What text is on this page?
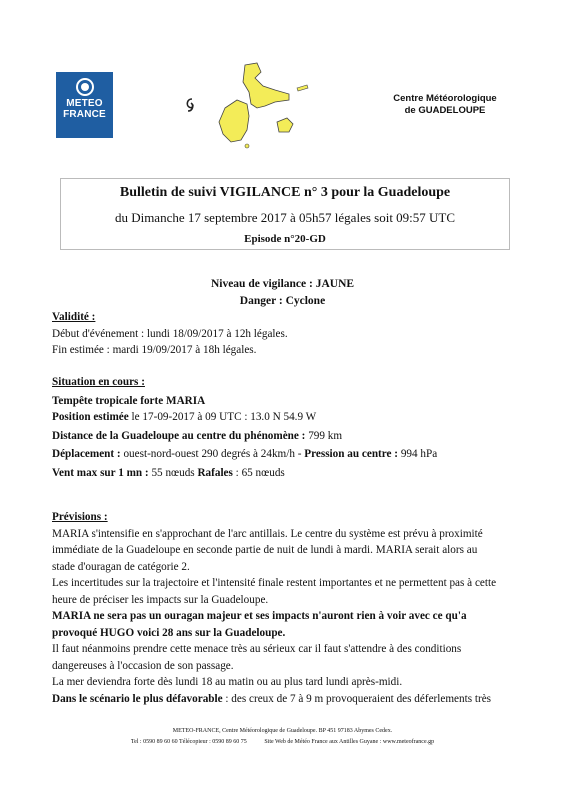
METEO
FRANCE
Centre Météorologique
de GUADELOUPE
Bulletin de suivi VIGILANCE n° 3 pour la Guadeloupe
du Dimanche 17 septembre 2017 à 05h57 légales soit 09:57 UTC
Episode n°20-GD
Niveau de vigilance : JAUNE
Danger : Cyclone
Validité :
Début d'événement : lundi 18/09/2017 à 12h légales.
Fin estimée : mardi 19/09/2017 à 18h légales.
Situation en cours :
Tempête tropicale forte MARIA
Position estimée le 17-09-2017 à 09 UTC : 13.0 N 54.9 W
Distance de la Guadeloupe au centre du phénomène : 799 km
Déplacement : ouest-nord-ouest 290 degrés à 24km/h - Pression au centre : 994 hPa
Vent max sur 1 mn : 55 nœuds Rafales : 65 nœuds
Prévisions :
MARIA s'intensifie en s'approchant de l'arc antillais. Le centre du système est prévu à proximité
immédiate de la Guadeloupe en seconde partie de nuit de lundi à mardi. MARIA serait alors au
stade d'ouragan de catégorie 2.
Les incertitudes sur la trajectoire et l'intensité finale restent importantes et ne permettent pas à cette
heure de préciser les impacts sur la Guadeloupe.
MARIA ne sera pas un ouragan majeur et ses impacts n'auront rien à voir avec ce qu'a
provoqué HUGO voici 28 ans sur la Guadeloupe.
Il faut néanmoins prendre cette menace très au sérieux car il faut s'attendre à des conditions
dangereuses à l'occasion de son passage.
La mer deviendra forte dès lundi 18 au matin ou au plus tard lundi après-midi.
Dans le scénario le plus défavorable : des creux de 7 à 9 m provoqueraient des déferlements très
METEO-FRANCE, Centre Météorologique de Guadeloupe. BP 451 97183 Abymes Cedex.
Tel : 0590 89 60 60 Télécopieur : 0590 89 60 75	Site Web de Météo France aux Antilles Guyane : www.meteofrance.gp
